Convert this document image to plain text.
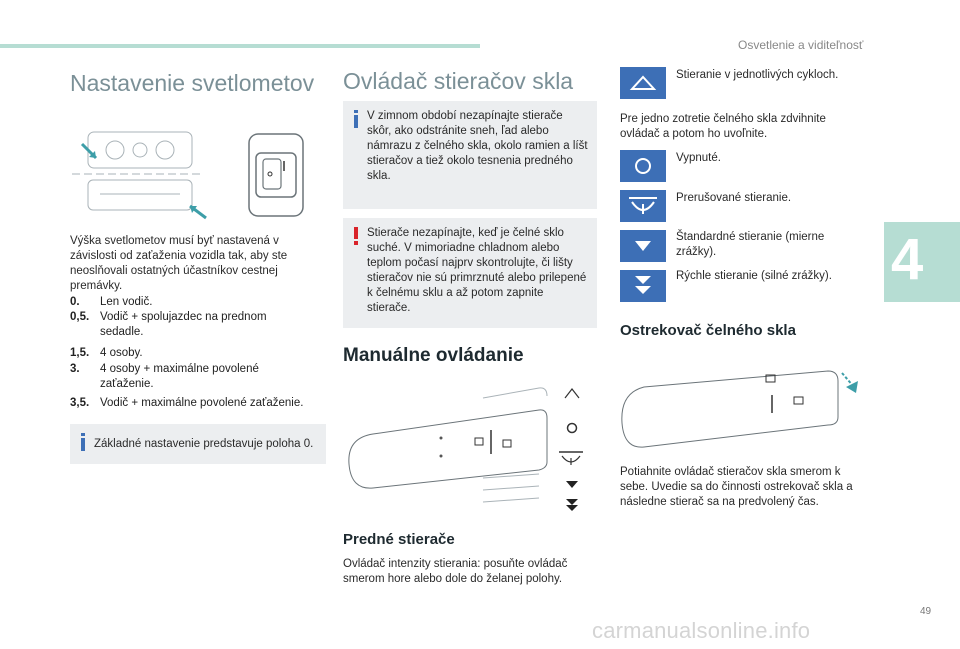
Osvetlenie a viditeľnosť
Nastavenie svetlometov
Výška svetlometov musí byť nastavená v závislosti od zaťaženia vozidla tak, aby ste neoslňovali ostatných účastníkov cestnej premávky.
0.	Len vodič.
0,5. Vodič + spolujazdec na prednom sedadle.
1,5. 4 osoby.
3.	4 osoby + maximálne povolené zaťaženie.
3,5. Vodič + maximálne povolené zaťaženie.
Základné nastavenie predstavuje poloha 0.
Ovládač stieračov skla
V zimnom období nezapínajte stierače skôr, ako odstránite sneh, ľad alebo námrazu z čelného skla, okolo ramien a líšt stieračov a tiež okolo tesnenia predného skla.
Stierače nezapínajte, keď je čelné sklo suché. V mimoriadne chladnom alebo teplom počasí najprv skontrolujte, či lišty stieračov nie sú primrznuté alebo prilepené k čelnému sklu a až potom zapnite stierače.
Manuálne ovládanie
Predné stierače
Ovládač intenzity stierania: posuňte ovládač smerom hore alebo dole do želanej polohy.
Stieranie v jednotlivých cykloch.
Pre jedno zotretie čelného skla zdvihnite ovládač a potom ho uvoľnite.
Vypnuté.
Prerušované stieranie.
Štandardné stieranie (mierne zrážky).
Rýchle stieranie (silné zrážky).
Ostrekovač čelného skla
Potiahnite ovládač stieračov skla smerom k sebe. Uvedie sa do činnosti ostrekovač skla a následne stierač sa na predvolený čas.
4
49
carmanualsonline.info
